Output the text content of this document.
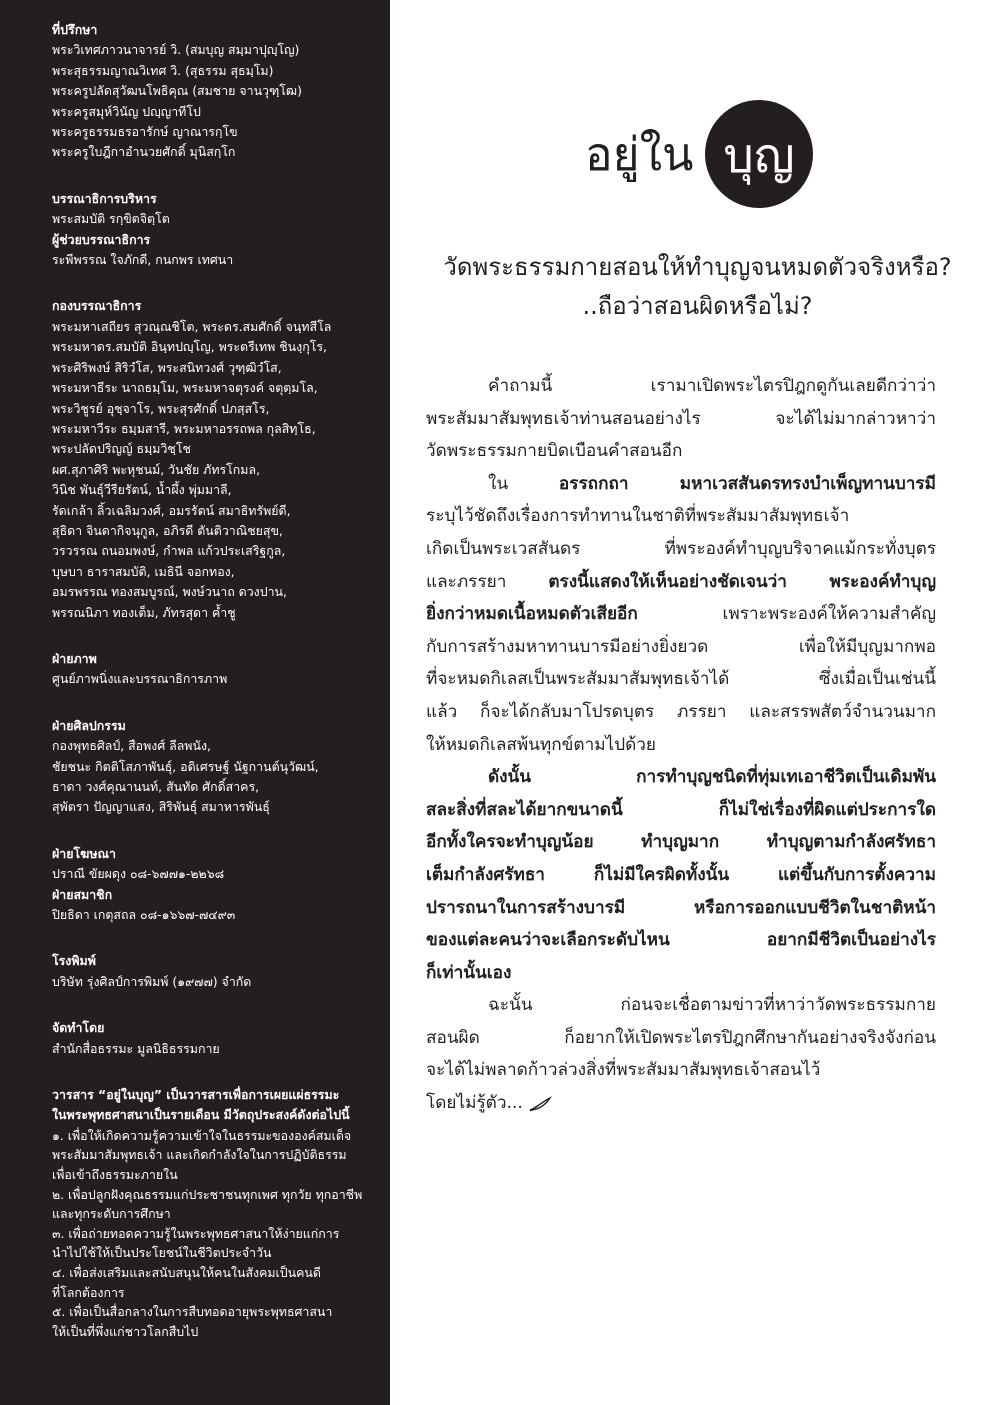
ที่ปรึกษา
พระวิเทศภาวนาจารย์ วิ. (สมบุญ สมฺมาปุญฺโญ)
พระสุธรรมญาณวิเทศ วิ. (สุธรรม สุธมฺโม)
พระครูปลัดสุวัฒนโพธิคุณ (สมชาย จานวุฑฺโฒ)
พระครูสมุห์วินัญ ปญฺญาทีโป
พระครูธรรมธรอารักษ์ ญาณารกฺโข
พระครูใบฎีกาอำนวยศักดิ์ มุนิสกฺโก
บรรณาธิการบริหาร
พระสมบัติ รกฺขิตจิตฺโต
ผู้ช่วยบรรณาธิการ
ระพีพรรณ ใจภักดี, กนกพร เทศนา
กองบรรณาธิการ
พระมหาเสถียร สุวณฺณชิโต, พระดร.สมศักดิ์ จนฺทสีโล
พระมหาดร.สมบัติ อินฺทปญฺโญ, พระตรีเทพ ชินงฺกุโร,
พระศิริพงษ์ สิริวํโส, พระสนิทวงศ์ วุฑฺฒิวํโส,
พระมหาธีระ นาถธมฺโม, พระมหาจตุรงค์ จตุตฺมโล,
พระวิชูรย์ อุชฺจาโร, พระสุรศักดิ์ ปภสฺสโร,
พระมหาวีระ ธมฺมสารี, พระมหาอรรถพล กุลสิทฺโธ,
พระปลัดปริญญ์ ธมฺมวิชฺโช
ผศ.สุภาศิริ พะหุชนม์, วันชัย ภัทรโกมล,
วินิช พันธุ์วีรียรัตน์, น้ำผึ้ง พุ่มมาลี,
รัดเกล้า ลิ้วเฉลิมวงศ์, อมรรัตน์ สมาธิทรัพย์ดี,
สุธิดา จินดากิจนุกูล, อภิรดี ตันติวาณิชยสุข,
วรวรรณ ถนอมพงษ์, กำพล แก้วประเสริฐกูล,
บุษบา ธาราสมบัติ, เมธินี จอกทอง,
อมรพรรณ ทองสมบูรณ์, พงษ์วนาถ ดวงปาน,
พรรณนิภา ทองเต็ม, ภัทรสุดา ค้ำชู
ฝ่ายภาพ
ศูนย์ภาพนิ่งและบรรณาธิการภาพ
ฝ่ายศิลปกรรม
กองพุทธศิลป์, สือพงศ์ ลีลพนัง,
ชัยชนะ กิตติโสภาพันธุ์, อดิเศรษฐ์ นัฐกานต์นุวัฒน์,
ธาดา วงศ์คุณานนท์, สันทัด ศักดิ์สาคร,
สุพัตรา ปัญญาแสง, สิริพันธุ์ สมาหารพันธุ์
ฝ่ายโฆษณา
ปราณี ขัยผดุง ๐๘-๖๗๗๑-๒๒๖๘
ฝ่ายสมาชิก
ปิยธิดา เกตุสถล ๐๘-๑๖๖๗-๗๔๙๓
โรงพิมพ์
บริษัท รุ่งศิลป์การพิมพ์ (๑๙๗๗) จำกัด
จัดทำโดย
สำนักสื่อธรรมะ มูลนิธิธรรมกาย
วารสาร “อยู่ในบุญ” เป็นวารสารเพื่อการเผยแผ่ธรรมะ
ในพระพุทธศาสนาเป็นรายเดือน มีวัตถุประสงค์ดังต่อไปนี้
๑. เพื่อให้เกิดความรู้ความเข้าใจในธรรมะขององค์สมเด็จ
พระสัมมาสัมพุทธเจ้า และเกิดกำลังใจในการปฏิบัติธรรม
เพื่อเข้าถึงธรรมะภายใน
๒. เพื่อปลูกฝังคุณธรรมแก่ประชาชนทุกเพศ ทุกวัย ทุกอาชีพ
และทุกระดับการศึกษา
๓. เพื่อถ่ายทอดความรู้ในพระพุทธศาสนาให้ง่ายแก่การ
นำไปใช้ให้เป็นประโยชน์ในชีวิตประจำวัน
๔. เพื่อส่งเสริมและสนับสนุนให้คนในสังคมเป็นคนดี
ที่โลกต้องการ
๕. เพื่อเป็นสื่อกลางในการสืบทอดอายุพระพุทธศาสนา
ให้เป็นที่พึ่งแก่ชาวโลกสืบไป
อยู่ใน บุญ
วัดพระธรรมกายสอนให้ทำบุญจนหมดตัวจริงหรือ?
..ถือว่าสอนผิดหรือไม่?

คำถามนี้ เรามาเปิดพระไตรปิฎกดูกันเลยดีกว่าว่า

พระสัมมาสัมพุทธเจ้าท่านสอนอย่างไร จะได้ไม่มากล่าวหาว่า

วัดพระธรรมกายบิดเบือนคำสอนอีก

ใน อรรถกถา มหาเวสสันดรทรงบำเพ็ญทานบารมี

ระบุไว้ชัดถึงเรื่องการทำทานในชาติที่พระสัมมาสัมพุทธเจ้า

เกิดเป็นพระเวสสันดร ที่พระองค์ทำบุญบริจาคแม้กระทั่งบุตร

และภรรยา ตรงนี้แสดงให้เห็นอย่างชัดเจนว่า พระองค์ทำบุญ

ยิ่งกว่าหมดเนื้อหมดตัวเสียอีก เพราะพระองค์ให้ความสำคัญ

กับการสร้างมหาทานบารมีอย่างยิ่งยวด เพื่อให้มีบุญมากพอ

ที่จะหมดกิเลสเป็นพระสัมมาสัมพุทธเจ้าได้ ซึ่งเมื่อเป็นเช่นนี้

แล้ว ก็จะได้กลับมาโปรดบุตร ภรรยา และสรรพสัตว์จำนวนมาก

ให้หมดกิเลสพ้นทุกข์ตามไปด้วย

ดังนั้น การทำบุญชนิดที่ทุ่มเทเอาชีวิตเป็นเดิมพัน

สละสิ่งที่สละได้ยากขนาดนี้ ก็ไม่ใช่เรื่องที่ผิดแต่ประการใด

อีกทั้งใครจะทำบุญน้อย ทำบุญมาก ทำบุญตามกำลังศรัทธา

เต็มกำลังศรัทธา ก็ไม่มีใครผิดทั้งนั้น แต่ขึ้นกับการตั้งความ

ปรารถนาในการสร้างบารมี หรือการออกแบบชีวิตในชาติหน้า

ของแต่ละคนว่าจะเลือกระดับไหน อยากมีชีวิตเป็นอย่างไร

ก็เท่านั้นเอง

ฉะนั้น ก่อนจะเชื่อตามข่าวที่หาว่าวัดพระธรรมกาย

สอนผิด ก็อยากให้เปิดพระไตรปิฎกศึกษากันอย่างจริงจังก่อน

จะได้ไม่พลาดก้าวล่วงสิ่งที่พระสัมมาสัมพุทธเจ้าสอนไว้

โดยไม่รู้ตัว...
